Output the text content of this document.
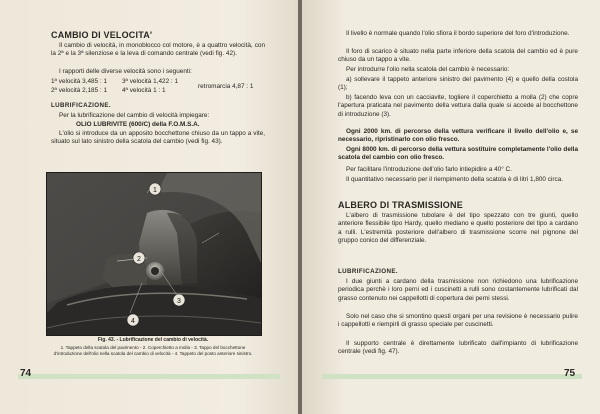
CAMBIO DI VELOCITA'
Il cambio di velocità, in monoblocco col motore, è a quattro velocità, con la 2ª e la 3ª silenziose e la leva di comando centrale (vedi fig. 42).
I rapporti delle diverse velocità sono i seguenti:
1ª velocità 3,485 : 1
2ª velocità 2,185 : 1
3ª velocità 1,422 : 1
4ª velocità 1 : 1
retromarcia 4,87 : 1
LUBRIFICAZIONE.
Per la lubrificazione del cambio di velocità impiegare:
OLIO LUBRIVITE (600/C) della F.O.M.S.A.
L'olio si introduce da un apposito bocchettone chiuso da un tappo a vite, situato sul lato sinistro della scatola del cambio (vedi fig. 43).
1
2
3
4
Fig. 43. - Lubrificazione del cambio di velocità.
1. Tappeto della scatola del pavimento - 2. Coperchietto a molla - 3. Tappo del bocchettone d'introduzione dell'olio nella scatola del cambio di velocità - 4. Tappeto del posto anteriore sinistro.
74
Il livello è normale quando l'olio sfiora il bordo superiore del foro d'introduzione.
Il foro di scarico è situato nella parte inferiore della scatola del cambio ed è pure chiuso da un tappo a vite.
Per introdurre l'olio nella scatola del cambio è necessario:
a) sollevare il tappeto anteriore sinistro del pavimento (4) e quello della costola (1);
b) facendo leva con un cacciavite, togliere il coperchietto a molla (2) che copre l'apertura praticata nel pavimento della vettura dalla quale si accede al bocchettone di introduzione (3).
Ogni 2000 km. di percorso della vettura verificare il livello dell'olio e, se necessario, ripristinarlo con olio fresco.
Ogni 8000 km. di percorso della vettura sostituire completamente l'olio della scatola del cambio con olio fresco.
Per facilitare l'introduzione dell'olio farlo intiepidire a 40° C.
Il quantitativo necessario per il riempimento della scatola è di litri 1,800 circa.
ALBERO DI TRASMISSIONE
L'albero di trasmissione tubolare è del tipo spezzato con tre giunti, quello anteriore flessibile tipo Hardy, quello mediano e quello posteriore del tipo a cardano a rulli. L'estremità posteriore dell'albero di trasmissione scorre nel pignone del gruppo conico del differenziale.
LUBRIFICAZIONE.
I due giunti a cardano della trasmissione non richiedono una lubrificazione periodica perchè i loro perni ed i cuscinetti a rulli sono costantemente lubrificati dal grasso contenuto nei cappellotti di copertura dei perni stessi.
Solo nel caso che si smontino questi organi per una revisione è necessario pulire i cappellotti e riempirli di grasso speciale per cuscinetti.
Il supporto centrale è direttamente lubrificato dall'impianto di lubrificazione centrale (vedi fig. 47).
75
